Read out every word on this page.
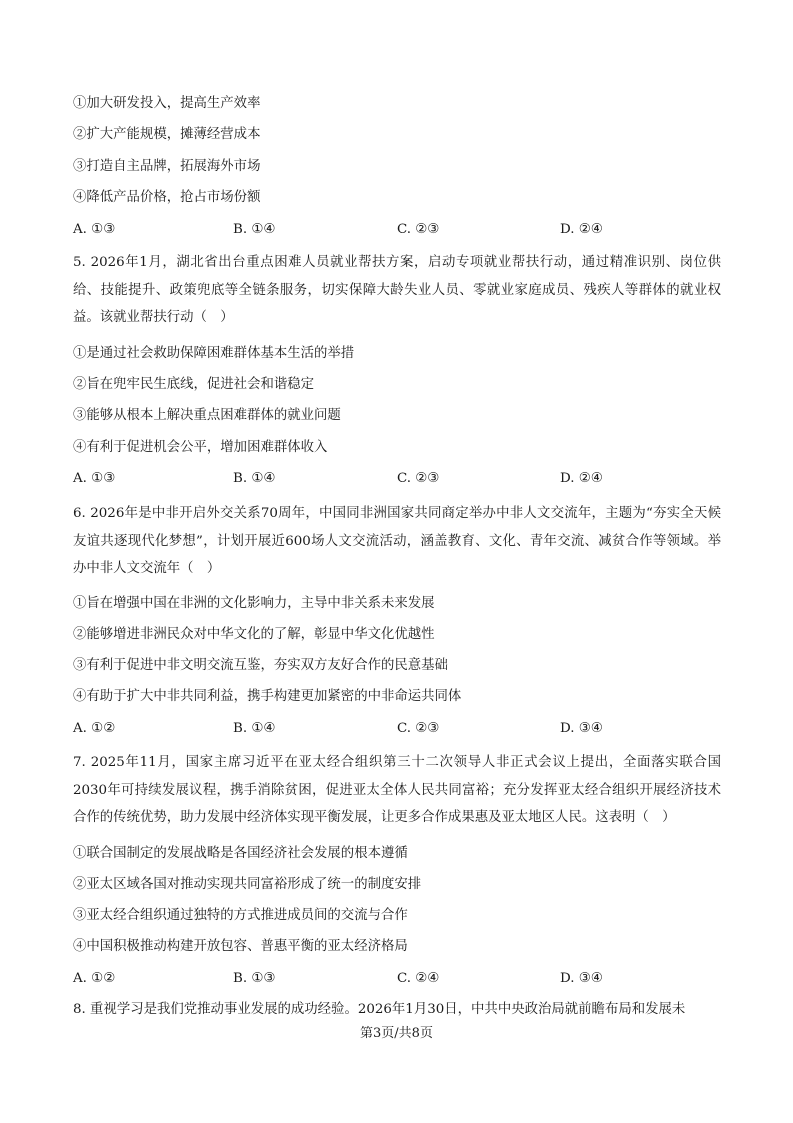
①加大研发投入，提高生产效率
②扩大产能规模，摊薄经营成本
③打造自主品牌，拓展海外市场
④降低产品价格，抢占市场份额
A. ①③	B. ①④	C. ②③	D. ②④
5. 2026年1月，湖北省出台重点困难人员就业帮扶方案，启动专项就业帮扶行动，通过精准识别、岗位供给、技能提升、政策兜底等全链条服务，切实保障大龄失业人员、零就业家庭成员、残疾人等群体的就业权益。该就业帮扶行动（　）
①是通过社会救助保障困难群体基本生活的举措
②旨在兜牢民生底线，促进社会和谐稳定
③能够从根本上解决重点困难群体的就业问题
④有利于促进机会公平，增加困难群体收入
A. ①③	B. ①④	C. ②③	D. ②④
6. 2026年是中非开启外交关系70周年，中国同非洲国家共同商定举办中非人文交流年，主题为“夯实全天候友谊共逐现代化梦想”，计划开展近600场人文交流活动，涵盖教育、文化、青年交流、减贫合作等领域。举办中非人文交流年（　）
①旨在增强中国在非洲的文化影响力，主导中非关系未来发展
②能够增进非洲民众对中华文化的了解，彰显中华文化优越性
③有利于促进中非文明交流互鉴，夯实双方友好合作的民意基础
④有助于扩大中非共同利益，携手构建更加紧密的中非命运共同体
A. ①②	B. ①④	C. ②③	D. ③④
7. 2025年11月，国家主席习近平在亚太经合组织第三十二次领导人非正式会议上提出，全面落实联合国2030年可持续发展议程，携手消除贫困，促进亚太全体人民共同富裕；充分发挥亚太经合组织开展经济技术合作的传统优势，助力发展中经济体实现平衡发展，让更多合作成果惠及亚太地区人民。这表明（　）
①联合国制定的发展战略是各国经济社会发展的根本遵循
②亚太区域各国对推动实现共同富裕形成了统一的制度安排
③亚太经合组织通过独特的方式推进成员间的交流与合作
④中国积极推动构建开放包容、普惠平衡的亚太经济格局
A. ①②	B. ①③	C. ②④	D. ③④
8. 重视学习是我们党推动事业发展的成功经验。2026年1月30日，中共中央政治局就前瞻布局和发展未
第3页/共8页
